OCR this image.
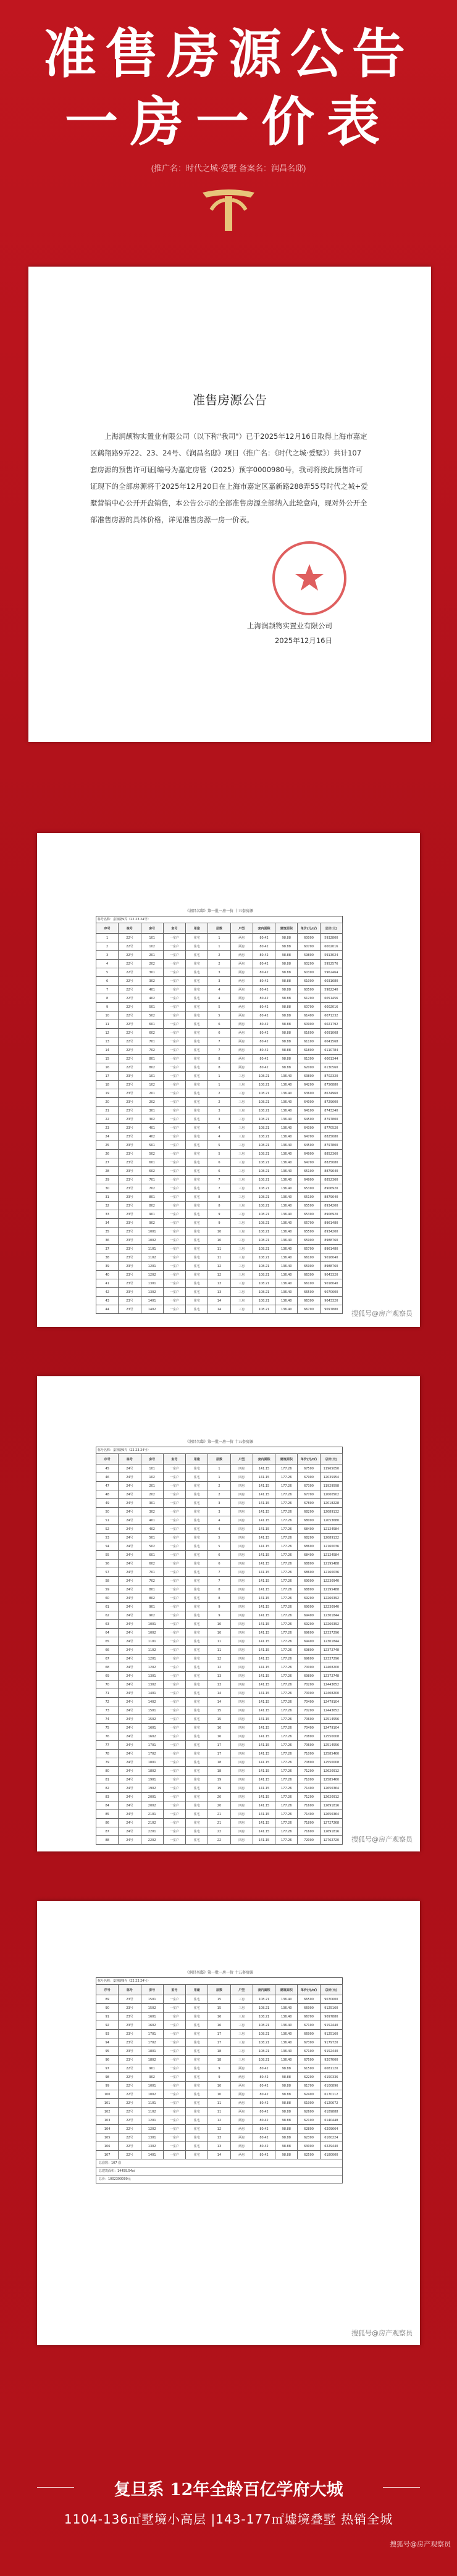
准售房源公告
一房一价表
(推广名：时代之城·爱墅 备案名：润昌名邸)
准售房源公告
上海润颉物实置业有限公司（以下称"我司"）已于2025年12月16日取得上海市嘉定区鹤翔路9弄22、23、24号、《润昌名邸》项目（推广名：《时代之城·爱墅》）共计107套房源的预售许可证[编号为嘉定房管（2025）预字0000980号，我司将按此预售许可证现下的全部房源将于2025年12月20日在上海市嘉定区嘉新路288弄55号时代之城+爱墅营销中心公开开盘销售，本公告公示的全部准售房源全部纳入此轮意向，现对外公开全部准售房源的具体价格，详见准售房源一房一价表。
上海润颉物实置业有限公司
2025年12月16日
《润昌名邸》第一批一房一价 十五套房源
栋号名称：嘉翔路9弄（22.23.24号）
序号	栋号	房号	室号	用途	层数	户型	套内面积	建筑面积	单价(元/㎡)	总价(元)
1	22号	101	一室户	住宅	1	两房	80.42	98.88	60000	5932800
2	22号	102	一室户	住宅	1	两房	80.42	98.88	60700	6002016
3	22号	201	一室户	住宅	2	两房	80.42	98.88	59800	5913024
4	22号	202	一室户	住宅	2	两房	80.42	98.88	60200	5952576
5	22号	301	一室户	住宅	3	两房	80.42	98.88	60300	5962464
6	22号	302	一室户	住宅	3	两房	80.42	98.88	61000	6031680
7	22号	401	一室户	住宅	4	两房	80.42	98.88	60500	5982240
8	22号	402	一室户	住宅	4	两房	80.42	98.88	61200	6051456
9	22号	501	一室户	住宅	5	两房	80.42	98.88	60700	6002016
10	22号	502	一室户	住宅	5	两房	80.42	98.88	61400	6071232
11	22号	601	一室户	住宅	6	两房	80.42	98.88	60900	6021792
12	22号	602	一室户	住宅	6	两房	80.42	98.88	61600	6091008
13	22号	701	一室户	住宅	7	两房	80.42	98.88	61100	6041568
14	22号	702	一室户	住宅	7	两房	80.42	98.88	61800	6110784
15	22号	801	一室户	住宅	8	两房	80.42	98.88	61300	6061344
16	22号	802	一室户	住宅	8	两房	80.42	98.88	62000	6130560
17	23号	101	一室户	住宅	1	三房	108.21	136.40	63800	8702320
18	23号	102	一室户	住宅	1	三房	108.21	136.40	64200	8756880
19	23号	201	一室户	住宅	2	三房	108.21	136.40	63600	8674960
20	23号	202	一室户	住宅	2	三房	108.21	136.40	64000	8729600
21	23号	301	一室户	住宅	3	三房	108.21	136.40	64100	8743240
22	23号	302	一室户	住宅	3	三房	108.21	136.40	64500	8797800
23	23号	401	一室户	住宅	4	三房	108.21	136.40	64300	8770520
24	23号	402	一室户	住宅	4	三房	108.21	136.40	64700	8825080
25	23号	501	一室户	住宅	5	三房	108.21	136.40	64500	8797800
26	23号	502	一室户	住宅	5	三房	108.21	136.40	64900	8852360
27	23号	601	一室户	住宅	6	三房	108.21	136.40	64700	8825080
28	23号	602	一室户	住宅	6	三房	108.21	136.40	65100	8879640
29	23号	701	一室户	住宅	7	三房	108.21	136.40	64900	8852360
30	23号	702	一室户	住宅	7	三房	108.21	136.40	65300	8906920
31	23号	801	一室户	住宅	8	三房	108.21	136.40	65100	8879640
32	23号	802	一室户	住宅	8	三房	108.21	136.40	65500	8934200
33	23号	901	一室户	住宅	9	三房	108.21	136.40	65300	8906920
34	23号	902	一室户	住宅	9	三房	108.21	136.40	65700	8961480
35	23号	1001	一室户	住宅	10	三房	108.21	136.40	65500	8934200
36	23号	1002	一室户	住宅	10	三房	108.21	136.40	65900	8988760
37	23号	1101	一室户	住宅	11	三房	108.21	136.40	65700	8961480
38	23号	1102	一室户	住宅	11	三房	108.21	136.40	66100	9016040
39	23号	1201	一室户	住宅	12	三房	108.21	136.40	65900	8988760
40	23号	1202	一室户	住宅	12	三房	108.21	136.40	66300	9043320
41	23号	1301	一室户	住宅	13	三房	108.21	136.40	66100	9016040
42	23号	1302	一室户	住宅	13	三房	108.21	136.40	66500	9070600
43	23号	1401	一室户	住宅	14	三房	108.21	136.40	66300	9043320
44	23号	1402	一室户	住宅	14	三房	108.21	136.40	66700	9097880
搜狐号@房产观察员
《润昌名邸》第一批一房一价 十五套房源
栋号名称：嘉翔路9弄（22.23.24号）
序号	栋号	房号	室号	用途	层数	户型	套内面积	建筑面积	单价(元/㎡)	总价(元)
45	24号	101	一室户	住宅	1	四房	141.15	177.26	67500	11965050
46	24号	102	一室户	住宅	1	四房	141.15	177.26	67900	12035954
47	24号	201	一室户	住宅	2	四房	141.15	177.26	67300	11929598
48	24号	202	一室户	住宅	2	四房	141.15	177.26	67700	12000502
49	24号	301	一室户	住宅	3	四房	141.15	177.26	67800	12018228
50	24号	302	一室户	住宅	3	四房	141.15	177.26	68200	12089132
51	24号	401	一室户	住宅	4	四房	141.15	177.26	68000	12053680
52	24号	402	一室户	住宅	4	四房	141.15	177.26	68400	12124584
53	24号	501	一室户	住宅	5	四房	141.15	177.26	68200	12089132
54	24号	502	一室户	住宅	5	四房	141.15	177.26	68600	12160036
55	24号	601	一室户	住宅	6	四房	141.15	177.26	68400	12124584
56	24号	602	一室户	住宅	6	四房	141.15	177.26	68800	12195488
57	24号	701	一室户	住宅	7	四房	141.15	177.26	68600	12160036
58	24号	702	一室户	住宅	7	四房	141.15	177.26	69000	12230940
59	24号	801	一室户	住宅	8	四房	141.15	177.26	68800	12195488
60	24号	802	一室户	住宅	8	四房	141.15	177.26	69200	12266392
61	24号	901	一室户	住宅	9	四房	141.15	177.26	69000	12230940
62	24号	902	一室户	住宅	9	四房	141.15	177.26	69400	12301844
63	24号	1001	一室户	住宅	10	四房	141.15	177.26	69200	12266392
64	24号	1002	一室户	住宅	10	四房	141.15	177.26	69600	12337296
65	24号	1101	一室户	住宅	11	四房	141.15	177.26	69400	12301844
66	24号	1102	一室户	住宅	11	四房	141.15	177.26	69800	12372748
67	24号	1201	一室户	住宅	12	四房	141.15	177.26	69600	12337296
68	24号	1202	一室户	住宅	12	四房	141.15	177.26	70000	12408200
69	24号	1301	一室户	住宅	13	四房	141.15	177.26	69800	12372748
70	24号	1302	一室户	住宅	13	四房	141.15	177.26	70200	12443652
71	24号	1401	一室户	住宅	14	四房	141.15	177.26	70000	12408200
72	24号	1402	一室户	住宅	14	四房	141.15	177.26	70400	12479104
73	24号	1501	一室户	住宅	15	四房	141.15	177.26	70200	12443652
74	24号	1502	一室户	住宅	15	四房	141.15	177.26	70600	12514556
75	24号	1601	一室户	住宅	16	四房	141.15	177.26	70400	12479104
76	24号	1602	一室户	住宅	16	四房	141.15	177.26	70800	12550008
77	24号	1701	一室户	住宅	17	四房	141.15	177.26	70600	12514556
78	24号	1702	一室户	住宅	17	四房	141.15	177.26	71000	12585460
79	24号	1801	一室户	住宅	18	四房	141.15	177.26	70800	12550008
80	24号	1802	一室户	住宅	18	四房	141.15	177.26	71200	12620912
81	24号	1901	一室户	住宅	19	四房	141.15	177.26	71000	12585460
82	24号	1902	一室户	住宅	19	四房	141.15	177.26	71400	12656364
83	24号	2001	一室户	住宅	20	四房	141.15	177.26	71200	12620912
84	24号	2002	一室户	住宅	20	四房	141.15	177.26	71600	12691816
85	24号	2101	一室户	住宅	21	四房	141.15	177.26	71400	12656364
86	24号	2102	一室户	住宅	21	四房	141.15	177.26	71800	12727268
87	24号	2201	一室户	住宅	22	四房	141.15	177.26	71600	12691816
88	24号	2202	一室户	住宅	22	四房	141.15	177.26	72000	12762720 搜狐号@房产观察员
《润昌名邸》第一批一房一价 十五套房源
栋号名称：嘉翔路9弄（22.23.24号）
序号	栋号	房号	室号	用途	层数	户型	套内面积	建筑面积	单价(元/㎡)	总价(元)
89	23号	1501	一室户	住宅	15	三房	108.21	136.40	66500	9070600
90	23号	1502	一室户	住宅	15	三房	108.21	136.40	66900	9125160
91	23号	1601	一室户	住宅	16	三房	108.21	136.40	66700	9097880
92	23号	1602	一室户	住宅	16	三房	108.21	136.40	67100	9152440
93	23号	1701	一室户	住宅	17	三房	108.21	136.40	66900	9125160
94	23号	1702	一室户	住宅	17	三房	108.21	136.40	67300	9179720
95	23号	1801	一室户	住宅	18	三房	108.21	136.40	67100	9152440
96	23号	1802	一室户	住宅	18	三房	108.21	136.40	67500	9207000
97	22号	901	一室户	住宅	9	两房	80.42	98.88	61500	6081120
98	22号	902	一室户	住宅	9	两房	80.42	98.88	62200	6150336
99	22号	1001	一室户	住宅	10	两房	80.42	98.88	61700	6100896
100	22号	1002	一室户	住宅	10	两房	80.42	98.88	62400	6170112
101	22号	1101	一室户	住宅	11	两房	80.42	98.88	61900	6120672
102	22号	1102	一室户	住宅	11	两房	80.42	98.88	62600	6189888
103	22号	1201	一室户	住宅	12	两房	80.42	98.88	62100	6140448
104	22号	1202	一室户	住宅	12	两房	80.42	98.88	62800	6209664
105	22号	1301	一室户	住宅	13	两房	80.42	98.88	62300	6160224
106	22号	1302	一室户	住宅	13	两房	80.42	98.88	63000	6229440
107	22号	1401	一室户	住宅	14	两房	80.42	98.88	62500	6180000
总套数：107 套
总建筑面积：14459.54㎡
总价：1002390000元
搜狐号@房产观察员
复旦系 12年全龄百亿学府大城
1104-136㎡墅境小高层 |143-177㎡墟境叠墅 热销全城
搜狐号@房产观察员
